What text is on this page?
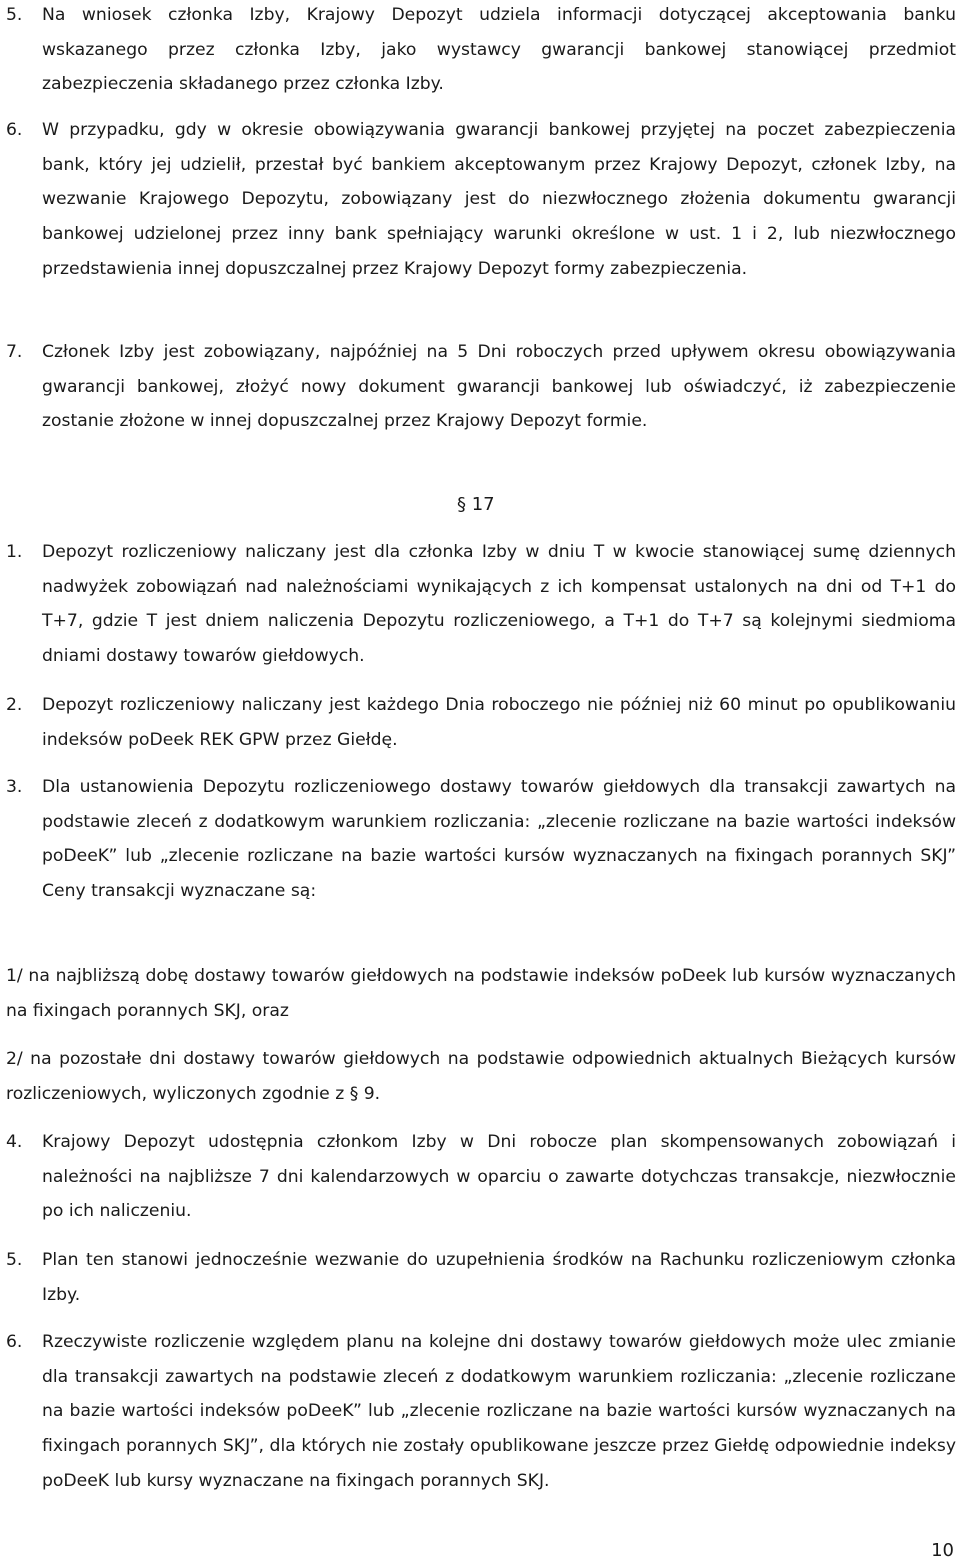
5. Na wniosek członka Izby, Krajowy Depozyt udziela informacji dotyczącej akceptowania banku wskazanego przez członka Izby, jako wystawcy gwarancji bankowej stanowiącej przedmiot zabezpieczenia składanego przez członka Izby.
6. W przypadku, gdy w okresie obowiązywania gwarancji bankowej przyjętej na poczet zabezpieczenia bank, który jej udzielił, przestał być bankiem akceptowanym przez Krajowy Depozyt, członek Izby, na wezwanie Krajowego Depozytu, zobowiązany jest do niezwłocznego złożenia dokumentu gwarancji bankowej udzielonej przez inny bank spełniający warunki określone w ust. 1 i 2, lub niezwłocznego przedstawienia innej dopuszczalnej przez Krajowy Depozyt formy zabezpieczenia.
7. Członek Izby jest zobowiązany, najpóźniej na 5 Dni roboczych przed upływem okresu obowiązywania gwarancji bankowej, złożyć nowy dokument gwarancji bankowej lub oświadczyć, iż zabezpieczenie zostanie złożone w innej dopuszczalnej przez Krajowy Depozyt formie.
§ 17
1. Depozyt rozliczeniowy naliczany jest dla członka Izby w dniu T w kwocie stanowiącej sumę dziennych nadwyżek zobowiązań nad należnościami wynikających z ich kompensat ustalonych na dni od T+1 do T+7, gdzie T jest dniem naliczenia Depozytu rozliczeniowego, a T+1 do T+7 są kolejnymi siedmioma dniami dostawy towarów giełdowych.
2. Depozyt rozliczeniowy naliczany jest każdego Dnia roboczego nie później niż 60 minut po opublikowaniu indeksów poDeek REK GPW przez Giełdę.
3. Dla ustanowienia Depozytu rozliczeniowego dostawy towarów giełdowych dla transakcji zawartych na podstawie zleceń z dodatkowym warunkiem rozliczania: „zlecenie rozliczane na bazie wartości indeksów poDeeK” lub „zlecenie rozliczane na bazie wartości kursów wyznaczanych na fixingach porannych SKJ” Ceny transakcji wyznaczane są:
1/ na najbliższą dobę dostawy towarów giełdowych na podstawie indeksów poDeek lub kursów wyznaczanych na fixingach porannych SKJ, oraz
2/ na pozostałe dni dostawy towarów giełdowych na podstawie odpowiednich aktualnych Bieżących kursów rozliczeniowych, wyliczonych zgodnie z § 9.
4. Krajowy Depozyt udostępnia członkom Izby w Dni robocze plan skompensowanych zobowiązań i należności na najbliższe 7 dni kalendarzowych w oparciu o zawarte dotychczas transakcje, niezwłocznie po ich naliczeniu.
5. Plan ten stanowi jednocześnie wezwanie do uzupełnienia środków na Rachunku rozliczeniowym członka Izby.
6. Rzeczywiste rozliczenie względem planu na kolejne dni dostawy towarów giełdowych może ulec zmianie dla transakcji zawartych na podstawie zleceń z dodatkowym warunkiem rozliczania: „zlecenie rozliczane na bazie wartości indeksów poDeeK” lub „zlecenie rozliczane na bazie wartości kursów wyznaczanych na fixingach porannych SKJ”, dla których nie zostały opublikowane jeszcze przez Giełdę odpowiednie indeksy poDeeK lub kursy wyznaczane na fixingach porannych SKJ.
10
